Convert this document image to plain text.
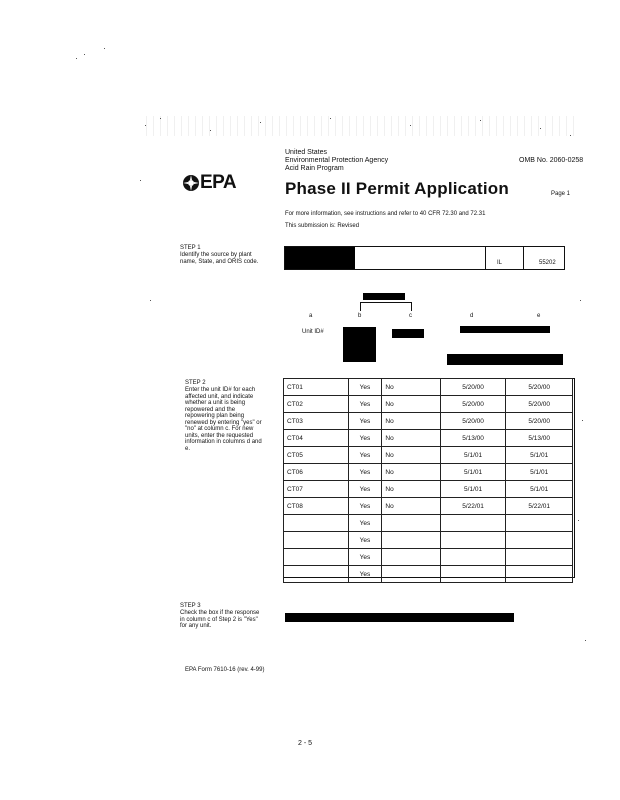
United States
Environmental Protection Agency
Acid Rain Program
OMB No. 2060-0258
EPA	Phase II Permit Application	Page 1
For more information, see instructions and refer to 40 CFR 72.30 and 72.31
This submission is: Revised
STEP 1
Identify the source by plant name, State, and ORIS code.
STEP 2
Enter the unit ID# for each affected unit, and indicate whether a unit is being repowered and the repowering plan being renewed by entering "yes" or "no" at column c. For new units, enter the requested information in columns d and e.
STEP 3
Check the box if the response in column c of Step 2 is "Yes" for any unit.
IL	55202
a	b	c	d	e
Unit ID#
CT01	Yes	No	5/20/00	5/20/00
CT02	Yes	No	5/20/00	5/20/00
CT03	Yes	No	5/20/00	5/20/00
CT04	Yes	No	5/13/00	5/13/00
CT05	Yes	No	5/1/01	5/1/01
CT06	Yes	No	5/1/01	5/1/01
CT07	Yes	No	5/1/01	5/1/01
CT08	Yes	No	5/22/01	5/22/01
	Yes			
	Yes			
	Yes			
	Yes			
EPA Form 7610-16 (rev. 4-99)
2 - 5
